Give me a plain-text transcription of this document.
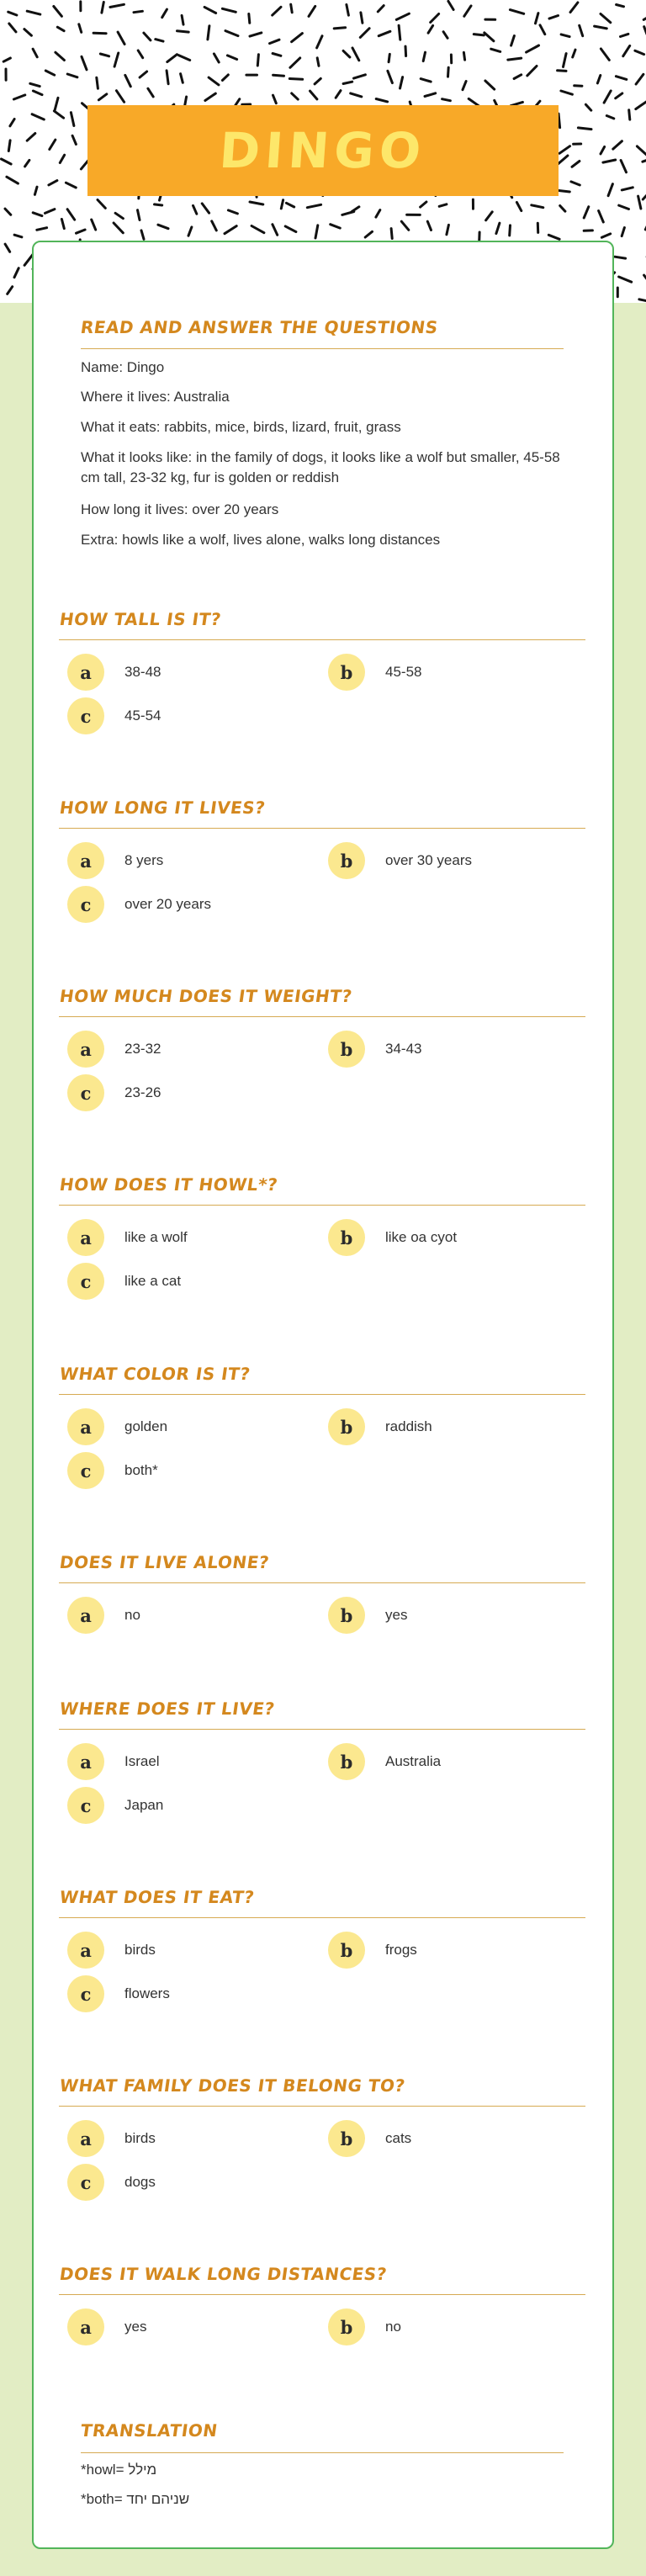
DINGO
READ AND ANSWER THE QUESTIONS
Name: Dingo
Where it lives: Australia
What it eats: rabbits, mice, birds, lizard, fruit, grass
What it looks like: in the family of dogs, it looks like a wolf but smaller, 45-58 cm tall, 23-32 kg, fur is golden or reddish
How long it lives: over 20 years
Extra: howls like a wolf, lives alone, walks long distances
HOW TALL IS IT?
a	38-48	b	45-58
c	45-54
HOW LONG IT LIVES?
a	8 yers	b	over 30 years
c	over 20 years
HOW MUCH DOES IT WEIGHT?
a	23-32	b	34-43
c	23-26
HOW DOES IT HOWL*?
a	like a wolf	b	like oa cyot
c	like a cat
WHAT COLOR IS IT?
a	golden	b	raddish
c	both*
DOES IT LIVE ALONE?
a	no	b	yes
WHERE DOES IT LIVE?
a	Israel	b	Australia
c	Japan
WHAT DOES IT EAT?
a	birds	b	frogs
c	flowers
WHAT FAMILY DOES IT BELONG TO?
a	birds	b	cats
c	dogs
DOES IT WALK LONG DISTANCES?
a	yes	b	no
TRANSLATION
*howl= מילל
*both= שניהם יחד
